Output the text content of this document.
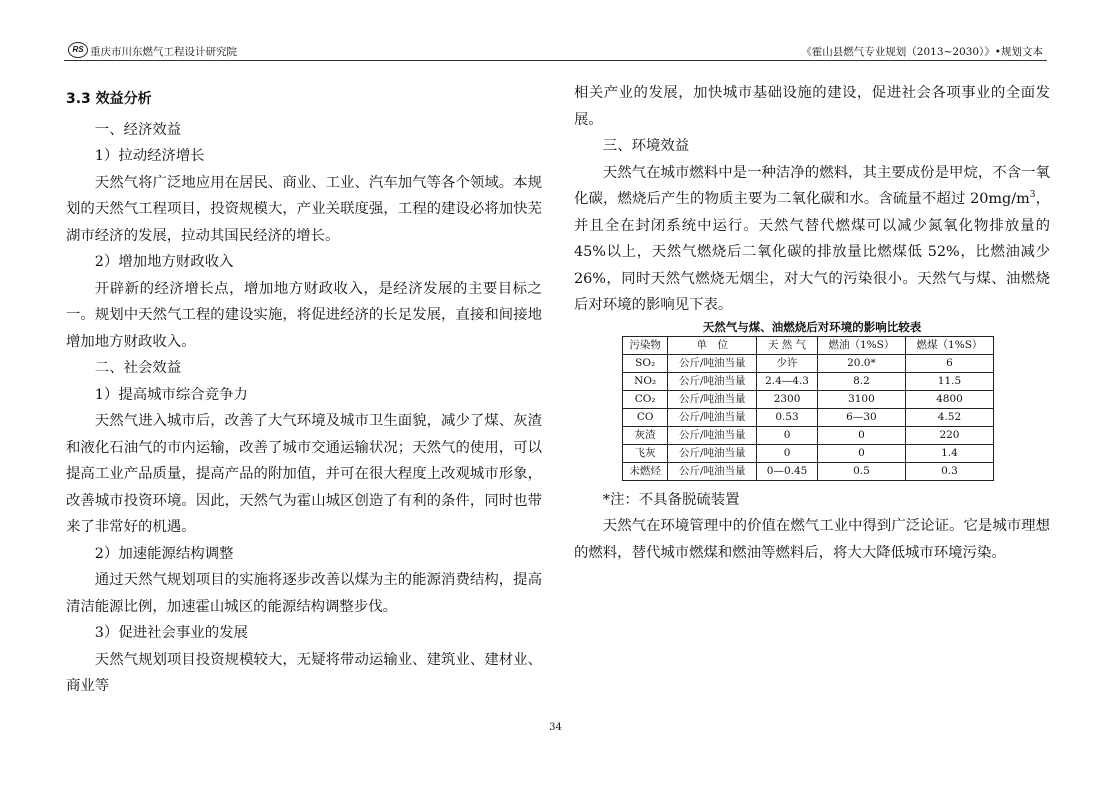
RS 重庆市川东燃气工程设计研究院	《霍山县燃气专业规划（2013~2030）》•规划文本

3.3 效益分析

一、经济效益

1）拉动经济增长

天然气将广泛地应用在居民、商业、工业、汽车加气等各个领域。本规划的天然气工程项目，投资规模大，产业关联度强，工程的建设必将加快芜湖市经济的发展，拉动其国民经济的增长。

2）增加地方财政收入

开辟新的经济增长点，增加地方财政收入，是经济发展的主要目标之一。规划中天然气工程的建设实施，将促进经济的长足发展，直接和间接地增加地方财政收入。

二、社会效益

1）提高城市综合竞争力

天然气进入城市后，改善了大气环境及城市卫生面貌，减少了煤、灰渣和液化石油气的市内运输，改善了城市交通运输状况；天然气的使用，可以提高工业产品质量，提高产品的附加值，并可在很大程度上改观城市形象，改善城市投资环境。因此，天然气为霍山城区创造了有利的条件，同时也带来了非常好的机遇。

2）加速能源结构调整

通过天然气规划项目的实施将逐步改善以煤为主的能源消费结构，提高清洁能源比例，加速霍山城区的能源结构调整步伐。

3）促进社会事业的发展

天然气规划项目投资规模较大，无疑将带动运输业、建筑业、建材业、商业等

相关产业的发展，加快城市基础设施的建设，促进社会各项事业的全面发展。

三、环境效益

天然气在城市燃料中是一种洁净的燃料，其主要成份是甲烷，不含一氧化碳，燃烧后产生的物质主要为二氧化碳和水。含硫量不超过 $20mg/m^3$，并且全在封闭系统中运行。天然气替代燃煤可以减少氮氧化物排放量的 45%以上，天然气燃烧后二氧化碳的排放量比燃煤低 52%，比燃油减少 26%，同时天然气燃烧无烟尘，对大气的污染很小。天然气与煤、油燃烧后对环境的影响见下表。

天然气与煤、油燃烧后对环境的影响比较表
污染物	单　位	天 然 气	燃油（1%S）	燃煤（1%S）
SO₂	公斤/吨油当量	少许	20.0*	6
NO₂	公斤/吨油当量	2.4—4.3	8.2	11.5
CO₂	公斤/吨油当量	2300	3100	4800
CO	公斤/吨油当量	0.53	6—30	4.52
灰渣	公斤/吨油当量	0	0	220
飞灰	公斤/吨油当量	0	0	1.4
未燃烃	公斤/吨油当量	0—0.45	0.5	0.3

*注：不具备脱硫装置

天然气在环境管理中的价值在燃气工业中得到广泛论证。它是城市理想的燃料，替代城市燃煤和燃油等燃料后，将大大降低城市环境污染。

34
